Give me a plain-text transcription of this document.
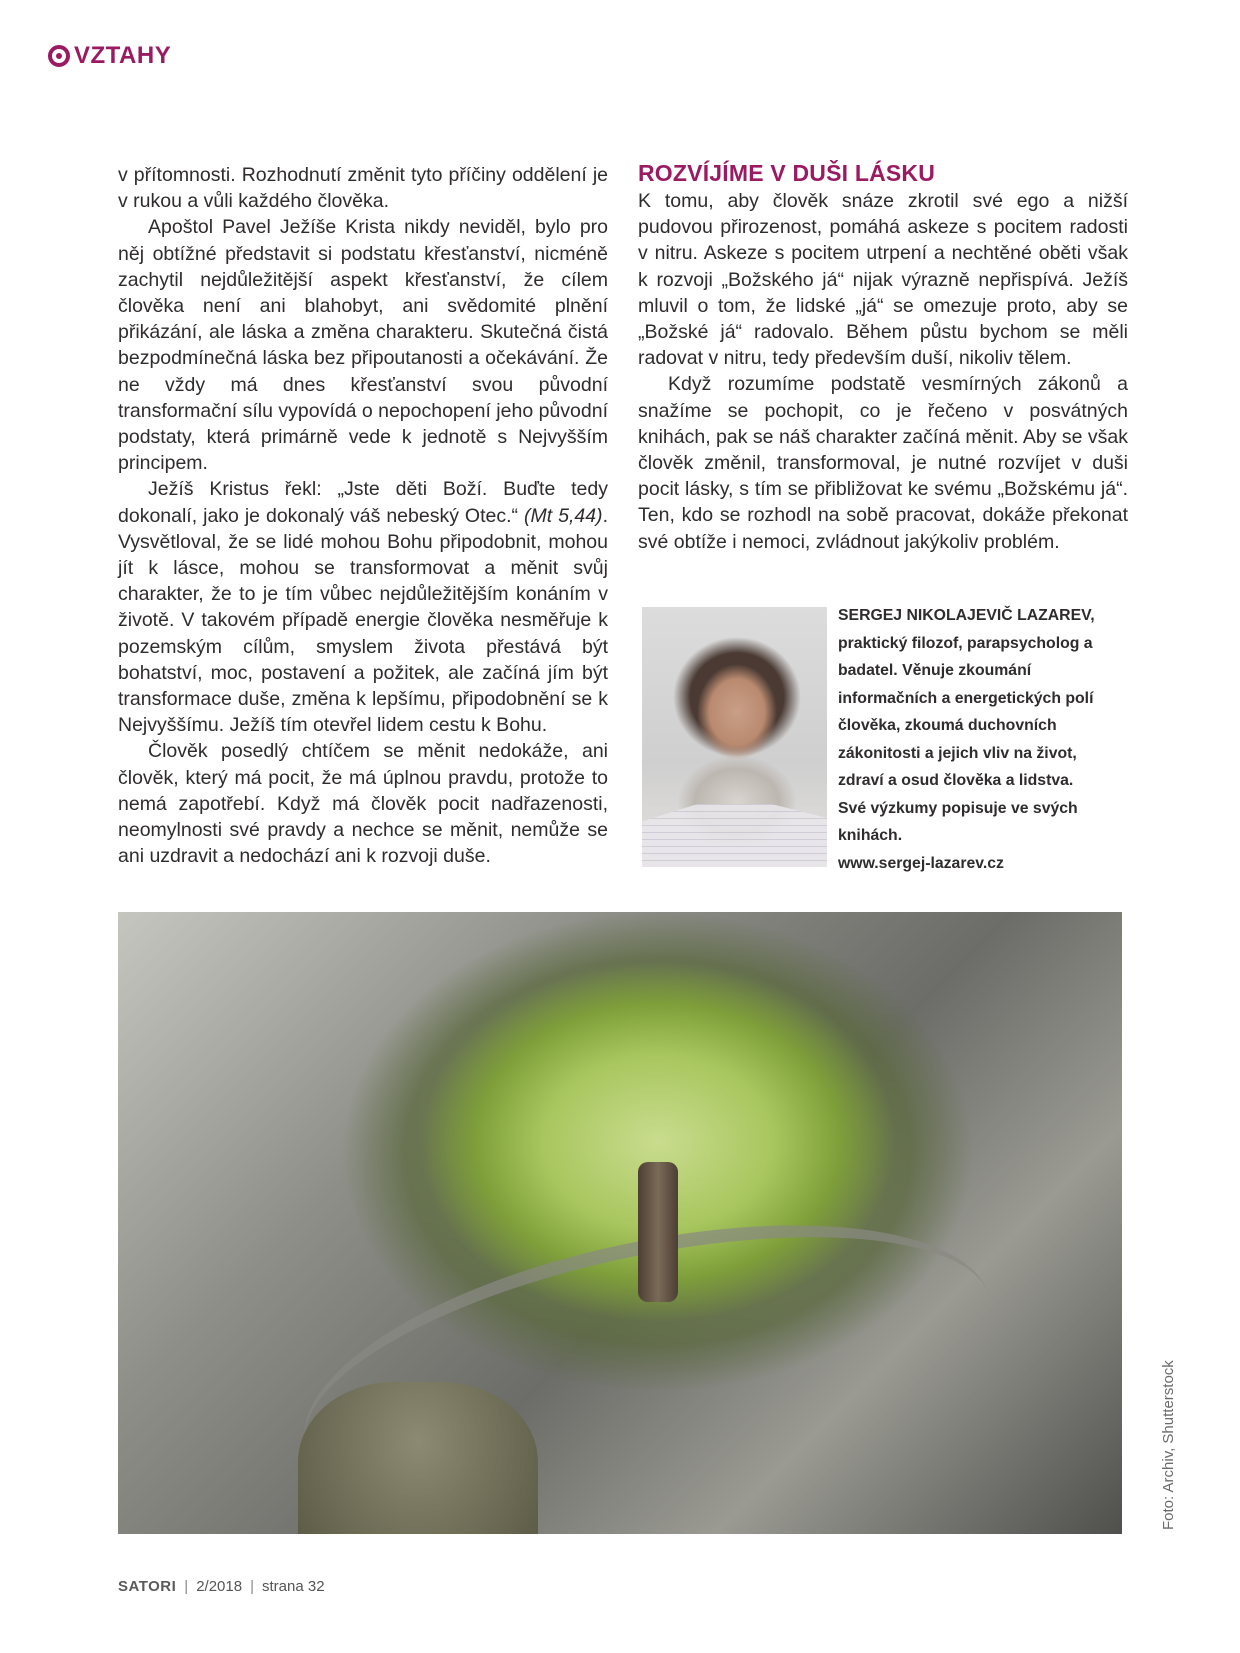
VZTAHY

v přítomnosti. Rozhodnutí změnit tyto příčiny oddělení je v rukou a vůli každého člověka.

Apoštol Pavel Ježíše Krista nikdy neviděl, bylo pro něj obtížné představit si podstatu křesťanství, nicméně zachytil nejdůležitější aspekt křesťanství, že cílem člověka není ani blahobyt, ani svědomité plnění přikázání, ale láska a změna charakteru. Skutečná čistá bezpodmínečná láska bez připoutanosti a očekávání. Že ne vždy má dnes křesťanství svou původní transformační sílu vypovídá o nepochopení jeho původní podstaty, která primárně vede k jednotě s Nejvyšším principem.

Ježíš Kristus řekl: „Jste děti Boží. Buďte tedy dokonalí, jako je dokonalý váš nebeský Otec.“ (Mt 5,44). Vysvětloval, že se lidé mohou Bohu připodobnit, mohou jít k lásce, mohou se transformovat a měnit svůj charakter, že to je tím vůbec nejdůležitějším konáním v životě. V takovém případě energie člověka nesměřuje k pozemským cílům, smyslem života přestává být bohatství, moc, postavení a požitek, ale začíná jím být transformace duše, změna k lepšímu, připodobnění se k Nejvyššímu. Ježíš tím otevřel lidem cestu k Bohu.

Člověk posedlý chtíčem se měnit nedokáže, ani člověk, který má pocit, že má úplnou pravdu, protože to nemá zapotřebí. Když má člověk pocit nadřazenosti, neomylnosti své pravdy a nechce se měnit, nemůže se ani uzdravit a nedochází ani k rozvoji duše.

ROZVÍJÍME V DUŠI LÁSKU

K tomu, aby člověk snáze zkrotil své ego a nižší pudovou přirozenost, pomáhá askeze s pocitem radosti v nitru. Askeze s pocitem utrpení a nechtěné oběti však k rozvoji „Božského já“ nijak výrazně nepřispívá. Ježíš mluvil o tom, že lidské „já“ se omezuje proto, aby se „Božské já“ radovalo. Během půstu bychom se měli radovat v nitru, tedy především duší, nikoliv tělem.

Když rozumíme podstatě vesmírných zákonů a snažíme se pochopit, co je řečeno v posvátných knihách, pak se náš charakter začíná měnit. Aby se však člověk změnil, transformoval, je nutné rozvíjet v duši pocit lásky, s tím se přibližovat ke svému „Božskému já“. Ten, kdo se rozhodl na sobě pracovat, dokáže překonat své obtíže i nemoci, zvládnout jakýkoliv problém.

SERGEJ NIKOLAJEVIČ LAZAREV,
praktický filozof, parapsycholog a badatel. Věnuje zkoumání informačních a energetických polí člověka, zkoumá duchovních zákonitosti a jejich vliv na život, zdraví a osud člověka a lidstva. Své výzkumy popisuje ve svých knihách.
www.sergej-lazarev.cz
Foto: Archiv, Shutterstock
SATORI | 2/2018 | strana 32
